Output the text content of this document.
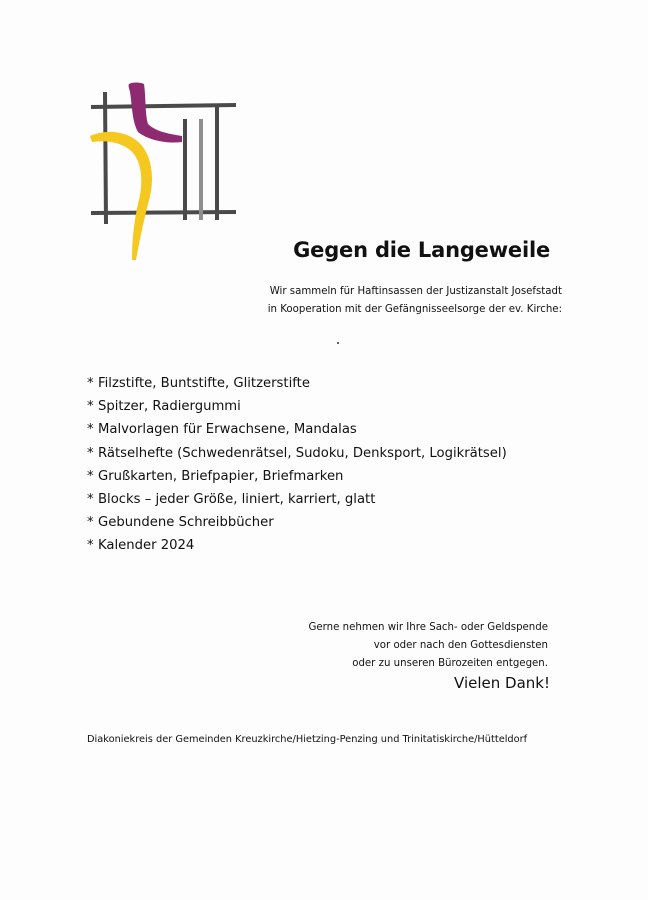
Gegen die Langeweile
Wir sammeln für Haftinsassen der Justizanstalt Josefstadt
in Kooperation mit der Gefängnisseelsorge der ev. Kirche:
* Filzstifte, Buntstifte, Glitzerstifte
* Spitzer, Radiergummi
* Malvorlagen für Erwachsene, Mandalas
* Rätselhefte (Schwedenrätsel, Sudoku, Denksport, Logikrätsel)
* Grußkarten, Briefpapier, Briefmarken
* Blocks – jeder Größe, liniert, karriert, glatt
* Gebundene Schreibbücher
* Kalender 2024
Gerne nehmen wir Ihre Sach- oder Geldspende
vor oder nach den Gottesdiensten
oder zu unseren Bürozeiten entgegen.
Vielen Dank!
Diakoniekreis der Gemeinden Kreuzkirche/Hietzing-Penzing und Trinitatiskirche/Hütteldorf
